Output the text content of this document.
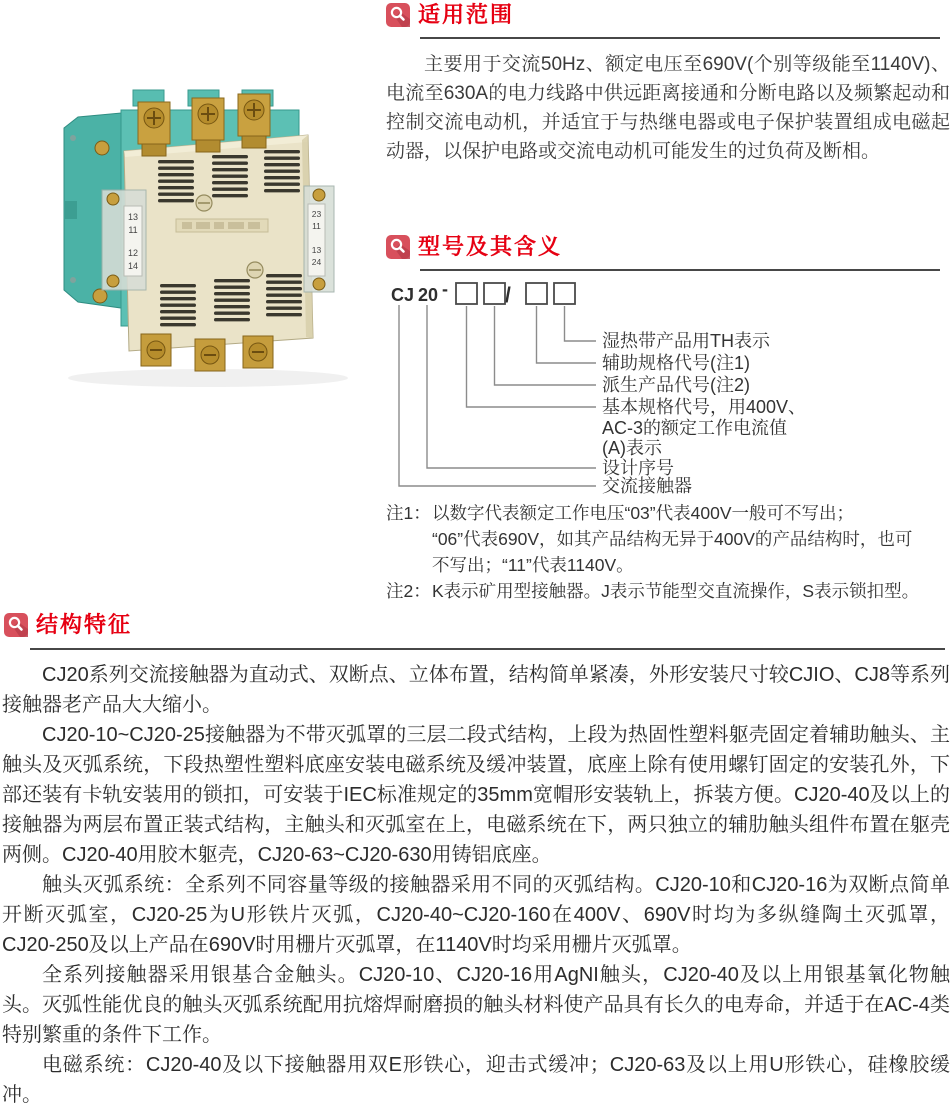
13
11
12
14
23
11
13
24
适用范围

主要用于交流50Hz、额定电压至690V(个别等级能至1140V)、电流至630A的电力线路中供远距离接通和分断电路以及频繁起动和控制交流电动机，并适宜于与热继电器或电子保护装置组成电磁起动器，以保护电路或交流电动机可能发生的过负荷及断相。

型号及其含义
CJ 20 -	/
湿热带产品用TH表示
辅助规格代号(注1)
派生产品代号(注2)
基本规格代号，用400V、
AC-3的额定工作电流值
(A)表示
设计序号
交流接触器
注1：以数字代表额定工作电压“03”代表400V一般可不写出；
“06”代表690V，如其产品结构无异于400V的产品结构时，也可
不写出；“11”代表1140V。
注2：K表示矿用型接触器。J表示节能型交直流操作，S表示锁扣型。
结构特征

CJ20系列交流接触器为直动式、双断点、立体布置，结构简单紧凑，外形安装尺寸较CJIO、CJ8等系列接触器老产品大大缩小。

CJ20-10~CJ20-25接触器为不带灭弧罩的三层二段式结构，上段为热固性塑料躯壳固定着辅助触头、主触头及灭弧系统，下段热塑性塑料底座安装电磁系统及缓冲装置，底座上除有使用螺钉固定的安装孔外，下部还装有卡轨安装用的锁扣，可安装于IEC标准规定的35mm宽帽形安装轨上，拆装方便。CJ20-40及以上的接触器为两层布置正装式结构，主触头和灭弧室在上，电磁系统在下，两只独立的辅肋触头组件布置在躯壳两侧。CJ20-40用胶木躯壳，CJ20-63~CJ20-630用铸铝底座。

触头灭弧系统：全系列不同容量等级的接触器采用不同的灭弧结构。CJ20-10和CJ20-16为双断点简单开断灭弧室，CJ20-25为U形铁片灭弧，CJ20-40~CJ20-160在400V、690V时均为多纵缝陶土灭弧罩，CJ20-250及以上产品在690V时用栅片灭弧罩，在1140V时均采用栅片灭弧罩。

全系列接触器采用银基合金触头。CJ20-10、CJ20-16用AgNI触头，CJ20-40及以上用银基氧化物触头。灭弧性能优良的触头灭弧系统配用抗熔焊耐磨损的触头材料使产品具有长久的电寿命，并适于在AC-4类特别繁重的条件下工作。

电磁系统：CJ20-40及以下接触器用双E形铁心，迎击式缓冲；CJ20-63及以上用U形铁心，硅橡胶缓冲。
